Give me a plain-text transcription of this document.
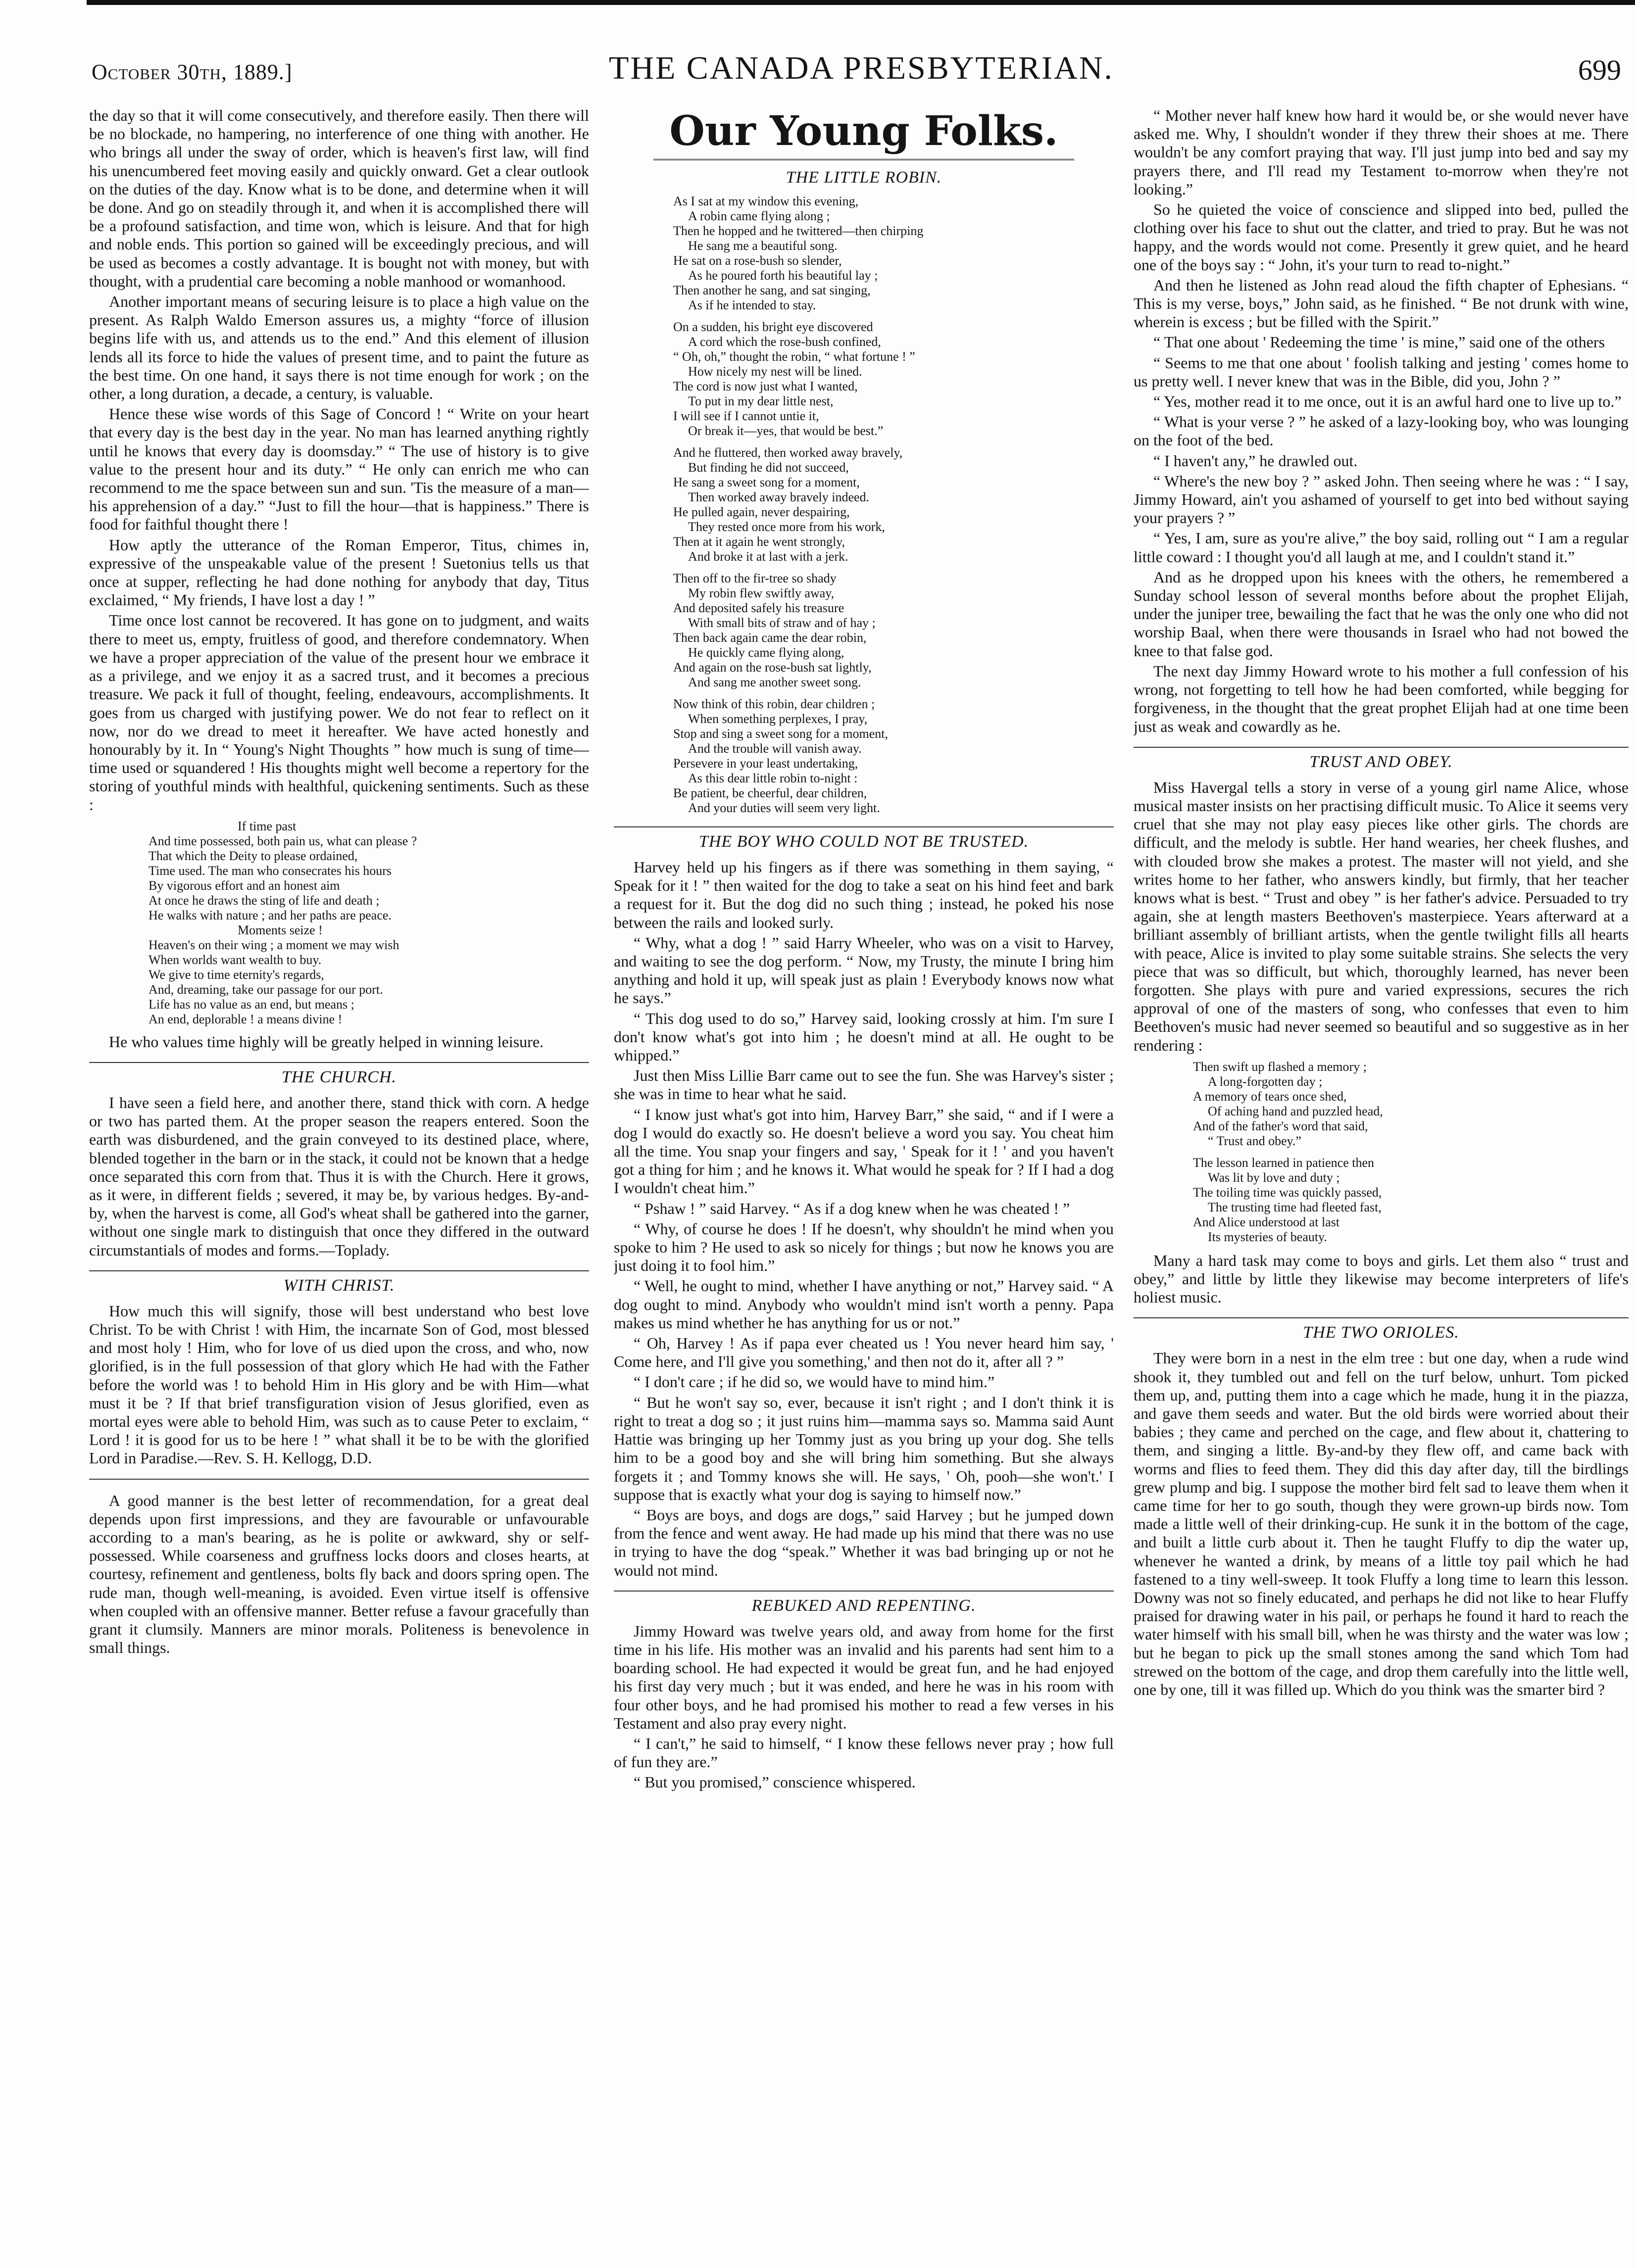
October 30th, 1889.]	THE CANADA PRESBYTERIAN.	699

the day so that it will come consecutively, and therefore easily. Then there will be no blockade, no hampering, no interference of one thing with another. He who brings all under the sway of order, which is heaven's first law, will find his unencumbered feet moving easily and quickly onward. Get a clear outlook on the duties of the day. Know what is to be done, and determine when it will be done. And go on steadily through it, and when it is accomplished there will be a profound satisfaction, and time won, which is leisure. And that for high and noble ends. This portion so gained will be exceedingly precious, and will be used as becomes a costly advantage. It is bought not with money, but with thought, with a prudential care becoming a noble manhood or womanhood.

Another important means of securing leisure is to place a high value on the present. As Ralph Waldo Emerson assures us, a mighty “force of illusion begins life with us, and attends us to the end.” And this element of illusion lends all its force to hide the values of present time, and to paint the future as the best time. On one hand, it says there is not time enough for work ; on the other, a long duration, a decade, a century, is valuable.

Hence these wise words of this Sage of Concord ! “ Write on your heart that every day is the best day in the year. No man has learned anything rightly until he knows that every day is doomsday.” “ The use of history is to give value to the present hour and its duty.” “ He only can enrich me who can recommend to me the space between sun and sun. 'Tis the measure of a man—his apprehension of a day.” “Just to fill the hour—that is happiness.” There is food for faithful thought there !

How aptly the utterance of the Roman Emperor, Titus, chimes in, expressive of the unspeakable value of the present ! Suetonius tells us that once at supper, reflecting he had done nothing for anybody that day, Titus exclaimed, “ My friends, I have lost a day ! ”

Time once lost cannot be recovered. It has gone on to judgment, and waits there to meet us, empty, fruitless of good, and therefore condemnatory. When we have a proper appreciation of the value of the present hour we embrace it as a privilege, and we enjoy it as a sacred trust, and it becomes a precious treasure. We pack it full of thought, feeling, endeavours, accomplishments. It goes from us charged with justifying power. We do not fear to reflect on it now, nor do we dread to meet it hereafter. We have acted honestly and honourably by it. In “ Young's Night Thoughts ” how much is sung of time—time used or squandered ! His thoughts might well become a repertory for the storing of youthful minds with healthful, quickening sentiments. Such as these :

If time past
And time possessed, both pain us, what can please ?
That which the Deity to please ordained,
Time used. The man who consecrates his hours
By vigorous effort and an honest aim
At once he draws the sting of life and death ;
He walks with nature ; and her paths are peace.
Moments seize !
Heaven's on their wing ; a moment we may wish
When worlds want wealth to buy.
We give to time eternity's regards,
And, dreaming, take our passage for our port.
Life has no value as an end, but means ;
An end, deplorable ! a means divine !

He who values time highly will be greatly helped in winning leisure.

THE CHURCH.

I have seen a field here, and another there, stand thick with corn. A hedge or two has parted them. At the proper season the reapers entered. Soon the earth was disburdened, and the grain conveyed to its destined place, where, blended together in the barn or in the stack, it could not be known that a hedge once separated this corn from that. Thus it is with the Church. Here it grows, as it were, in different fields ; severed, it may be, by various hedges. By-and-by, when the harvest is come, all God's wheat shall be gathered into the garner, without one single mark to distinguish that once they differed in the outward circumstantials of modes and forms.—Toplady.

WITH CHRIST.

How much this will signify, those will best understand who best love Christ. To be with Christ ! with Him, the incarnate Son of God, most blessed and most holy ! Him, who for love of us died upon the cross, and who, now glorified, is in the full possession of that glory which He had with the Father before the world was ! to behold Him in His glory and be with Him—what must it be ? If that brief transfiguration vision of Jesus glorified, even as mortal eyes were able to behold Him, was such as to cause Peter to exclaim, “ Lord ! it is good for us to be here ! ” what shall it be to be with the glorified Lord in Paradise.—Rev. S. H. Kellogg, D.D.

A good manner is the best letter of recommendation, for a great deal depends upon first impressions, and they are favourable or unfavourable according to a man's bearing, as he is polite or awkward, shy or self-possessed. While coarseness and gruffness locks doors and closes hearts, at courtesy, refinement and gentleness, bolts fly back and doors spring open. The rude man, though well-meaning, is avoided. Even virtue itself is offensive when coupled with an offensive manner. Better refuse a favour gracefully than grant it clumsily. Manners are minor morals. Politeness is benevolence in small things.

Our Young Folks.
THE LITTLE ROBIN.
As I sat at my window this evening,
A robin came flying along ;
Then he hopped and he twittered—then chirping
He sang me a beautiful song.
He sat on a rose-bush so slender,
As he poured forth his beautiful lay ;
Then another he sang, and sat singing,
As if he intended to stay.
On a sudden, his bright eye discovered
A cord which the rose-bush confined,
“ Oh, oh,” thought the robin, “ what fortune ! ”
How nicely my nest will be lined.
The cord is now just what I wanted,
To put in my dear little nest,
I will see if I cannot untie it,
Or break it—yes, that would be best.”
And he fluttered, then worked away bravely,
But finding he did not succeed,
He sang a sweet song for a moment,
Then worked away bravely indeed.
He pulled again, never despairing,
They rested once more from his work,
Then at it again he went strongly,
And broke it at last with a jerk.
Then off to the fir-tree so shady
My robin flew swiftly away,
And deposited safely his treasure
With small bits of straw and of hay ;
Then back again came the dear robin,
He quickly came flying along,
And again on the rose-bush sat lightly,
And sang me another sweet song.
Now think of this robin, dear children ;
When something perplexes, I pray,
Stop and sing a sweet song for a moment,
And the trouble will vanish away.
Persevere in your least undertaking,
As this dear little robin to-night :
Be patient, be cheerful, dear children,
And your duties will seem very light.
THE BOY WHO COULD NOT BE TRUSTED.

Harvey held up his fingers as if there was something in them saying, “ Speak for it ! ” then waited for the dog to take a seat on his hind feet and bark a request for it. But the dog did no such thing ; instead, he poked his nose between the rails and looked surly.

“ Why, what a dog ! ” said Harry Wheeler, who was on a visit to Harvey, and waiting to see the dog perform. “ Now, my Trusty, the minute I bring him anything and hold it up, will speak just as plain ! Everybody knows now what he says.”

“ This dog used to do so,” Harvey said, looking crossly at him. I'm sure I don't know what's got into him ; he doesn't mind at all. He ought to be whipped.”

Just then Miss Lillie Barr came out to see the fun. She was Harvey's sister ; she was in time to hear what he said.

“ I know just what's got into him, Harvey Barr,” she said, “ and if I were a dog I would do exactly so. He doesn't believe a word you say. You cheat him all the time. You snap your fingers and say, ' Speak for it ! ' and you haven't got a thing for him ; and he knows it. What would he speak for ? If I had a dog I wouldn't cheat him.”

“ Pshaw ! ” said Harvey. “ As if a dog knew when he was cheated ! ”

“ Why, of course he does ! If he doesn't, why shouldn't he mind when you spoke to him ? He used to ask so nicely for things ; but now he knows you are just doing it to fool him.”

“ Well, he ought to mind, whether I have anything or not,” Harvey said. “ A dog ought to mind. Anybody who wouldn't mind isn't worth a penny. Papa makes us mind whether he has anything for us or not.”

“ Oh, Harvey ! As if papa ever cheated us ! You never heard him say, ' Come here, and I'll give you something,' and then not do it, after all ? ”

“ I don't care ; if he did so, we would have to mind him.”

“ But he won't say so, ever, because it isn't right ; and I don't think it is right to treat a dog so ; it just ruins him—mamma says so. Mamma said Aunt Hattie was bringing up her Tommy just as you bring up your dog. She tells him to be a good boy and she will bring him something. But she always forgets it ; and Tommy knows she will. He says, ' Oh, pooh—she won't.' I suppose that is exactly what your dog is saying to himself now.”

“ Boys are boys, and dogs are dogs,” said Harvey ; but he jumped down from the fence and went away. He had made up his mind that there was no use in trying to have the dog “speak.” Whether it was bad bringing up or not he would not mind.

REBUKED AND REPENTING.

Jimmy Howard was twelve years old, and away from home for the first time in his life. His mother was an invalid and his parents had sent him to a boarding school. He had expected it would be great fun, and he had enjoyed his first day very much ; but it was ended, and here he was in his room with four other boys, and he had promised his mother to read a few verses in his Testament and also pray every night.

“ I can't,” he said to himself, “ I know these fellows never pray ; how full of fun they are.”

“ But you promised,” conscience whispered.

“ Mother never half knew how hard it would be, or she would never have asked me. Why, I shouldn't wonder if they threw their shoes at me. There wouldn't be any comfort praying that way. I'll just jump into bed and say my prayers there, and I'll read my Testament to-morrow when they're not looking.”

So he quieted the voice of conscience and slipped into bed, pulled the clothing over his face to shut out the clatter, and tried to pray. But he was not happy, and the words would not come. Presently it grew quiet, and he heard one of the boys say : “ John, it's your turn to read to-night.”

And then he listened as John read aloud the fifth chapter of Ephesians. “ This is my verse, boys,” John said, as he finished. “ Be not drunk with wine, wherein is excess ; but be filled with the Spirit.”

“ That one about ' Redeeming the time ' is mine,” said one of the others

“ Seems to me that one about ' foolish talking and jesting ' comes home to us pretty well. I never knew that was in the Bible, did you, John ? ”

“ Yes, mother read it to me once, out it is an awful hard one to live up to.”

“ What is your verse ? ” he asked of a lazy-looking boy, who was lounging on the foot of the bed.

“ I haven't any,” he drawled out.

“ Where's the new boy ? ” asked John. Then seeing where he was : “ I say, Jimmy Howard, ain't you ashamed of yourself to get into bed without saying your prayers ? ”

“ Yes, I am, sure as you're alive,” the boy said, rolling out “ I am a regular little coward : I thought you'd all laugh at me, and I couldn't stand it.”

And as he dropped upon his knees with the others, he remembered a Sunday school lesson of several months before about the prophet Elijah, under the juniper tree, bewailing the fact that he was the only one who did not worship Baal, when there were thousands in Israel who had not bowed the knee to that false god.

The next day Jimmy Howard wrote to his mother a full confession of his wrong, not forgetting to tell how he had been comforted, while begging for forgiveness, in the thought that the great prophet Elijah had at one time been just as weak and cowardly as he.

TRUST AND OBEY.

Miss Havergal tells a story in verse of a young girl name Alice, whose musical master insists on her practising difficult music. To Alice it seems very cruel that she may not play easy pieces like other girls. The chords are difficult, and the melody is subtle. Her hand wearies, her cheek flushes, and with clouded brow she makes a protest. The master will not yield, and she writes home to her father, who answers kindly, but firmly, that her teacher knows what is best. “ Trust and obey ” is her father's advice. Persuaded to try again, she at length masters Beethoven's masterpiece. Years afterward at a brilliant assembly of brilliant artists, when the gentle twilight fills all hearts with peace, Alice is invited to play some suitable strains. She selects the very piece that was so difficult, but which, thoroughly learned, has never been forgotten. She plays with pure and varied expressions, secures the rich approval of one of the masters of song, who confesses that even to him Beethoven's music had never seemed so beautiful and so suggestive as in her rendering :

Then swift up flashed a memory ;
A long-forgotten day ;
A memory of tears once shed,
Of aching hand and puzzled head,
And of the father's word that said,
“ Trust and obey.”
The lesson learned in patience then
Was lit by love and duty ;
The toiling time was quickly passed,
The trusting time had fleeted fast,
And Alice understood at last
Its mysteries of beauty.

Many a hard task may come to boys and girls. Let them also “ trust and obey,” and little by little they likewise may become interpreters of life's holiest music.

THE TWO ORIOLES.

They were born in a nest in the elm tree : but one day, when a rude wind shook it, they tumbled out and fell on the turf below, unhurt. Tom picked them up, and, putting them into a cage which he made, hung it in the piazza, and gave them seeds and water. But the old birds were worried about their babies ; they came and perched on the cage, and flew about it, chattering to them, and singing a little. By-and-by they flew off, and came back with worms and flies to feed them. They did this day after day, till the birdlings grew plump and big. I suppose the mother bird felt sad to leave them when it came time for her to go south, though they were grown-up birds now. Tom made a little well of their drinking-cup. He sunk it in the bottom of the cage, and built a little curb about it. Then he taught Fluffy to dip the water up, whenever he wanted a drink, by means of a little toy pail which he had fastened to a tiny well-sweep. It took Fluffy a long time to learn this lesson. Downy was not so finely educated, and perhaps he did not like to hear Fluffy praised for drawing water in his pail, or perhaps he found it hard to reach the water himself with his small bill, when he was thirsty and the water was low ; but he began to pick up the small stones among the sand which Tom had strewed on the bottom of the cage, and drop them carefully into the little well, one by one, till it was filled up. Which do you think was the smarter bird ?
